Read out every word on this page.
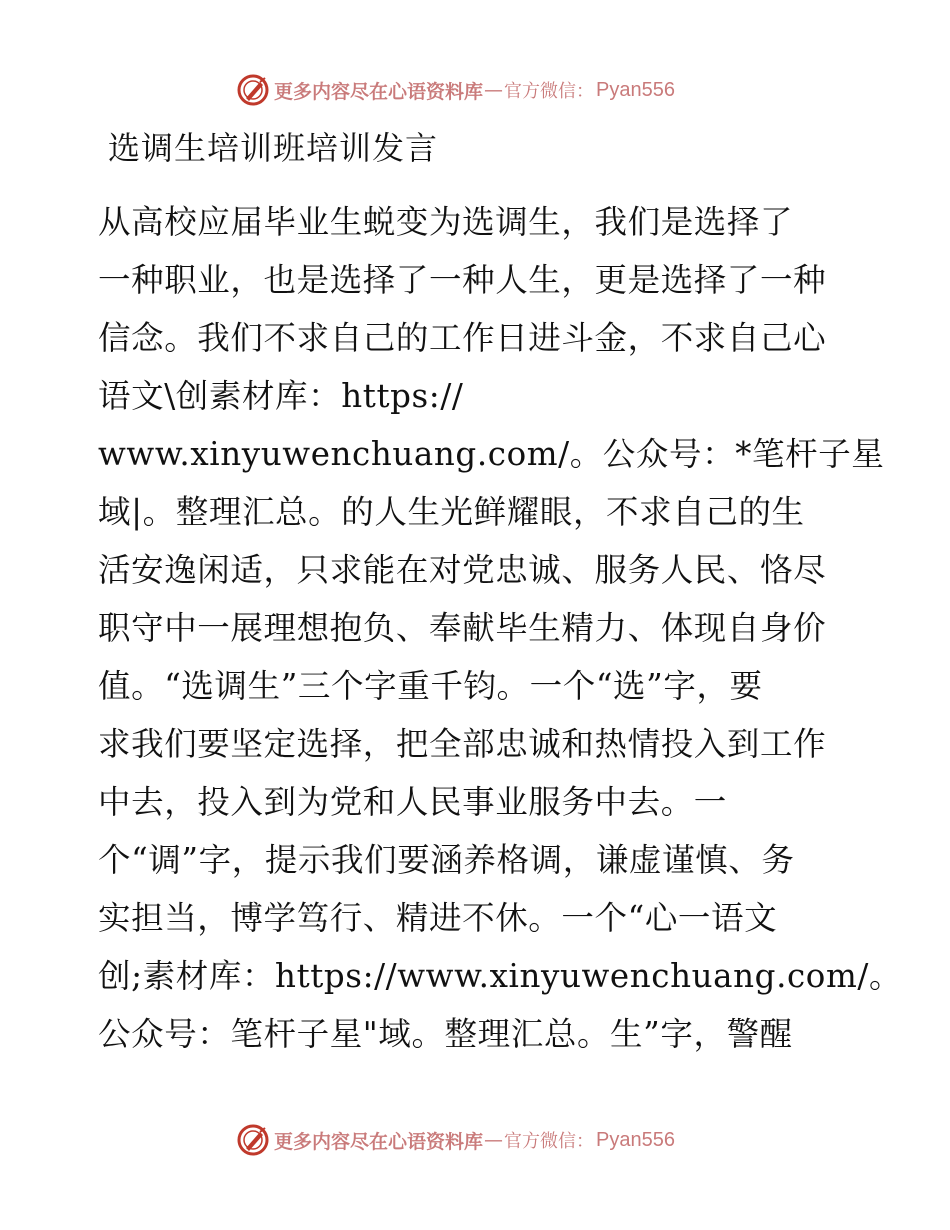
更多内容尽在心语资料库 — 官方微信： Pyan556
选调生培训班培训发言
从高校应届毕业生蜕变为选调生，我们是选择了
一种职业，也是选择了一种人生，更是选择了一种
信念。我们不求自己的工作日进斗金，不求自己心
语文\创素材库：https://
www.xinyuwenchuang.com/。公众号：*笔杆子星
域|。整理汇总。的人生光鲜耀眼，不求自己的生
活安逸闲适，只求能在对党忠诚、服务人民、恪尽
职守中一展理想抱负、奉献毕生精力、体现自身价
值。“选调生”三个字重千钧。一个“选”字，要
求我们要坚定选择，把全部忠诚和热情投入到工作
中去，投入到为党和人民事业服务中去。一
个“调”字，提示我们要涵养格调，谦虚谨慎、务
实担当，博学笃行、精进不休。一个“心一语文
创;素材库：https://www.xinyuwenchuang.com/。
公众号：笔杆子星"域。整理汇总。生”字，警醒
更多内容尽在心语资料库 — 官方微信： Pyan556
